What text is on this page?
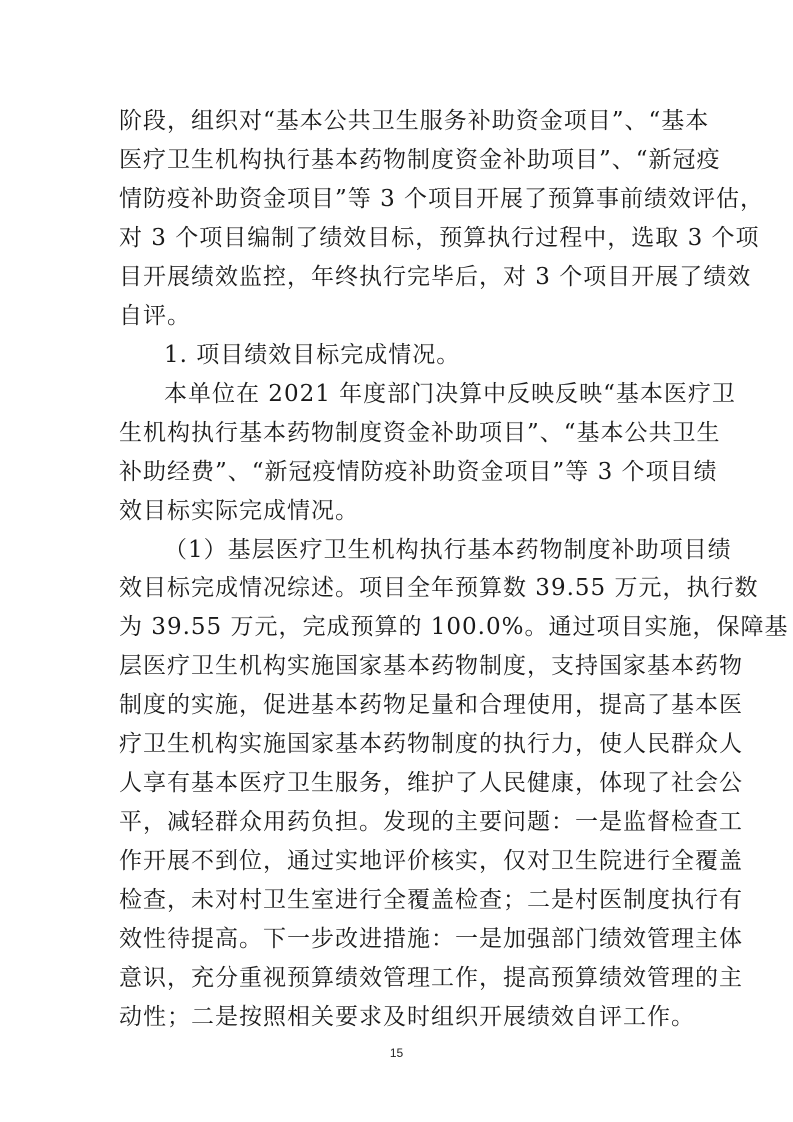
阶段，组织对“基本公共卫生服务补助资金项目”、“基本
医疗卫生机构执行基本药物制度资金补助项目”、“新冠疫
情防疫补助资金项目”等 3 个项目开展了预算事前绩效评估，
对 3 个项目编制了绩效目标，预算执行过程中，选取 3 个项
目开展绩效监控，年终执行完毕后，对 3 个项目开展了绩效
自评。
1. 项目绩效目标完成情况。
本单位在 2021 年度部门决算中反映反映“基本医疗卫
生机构执行基本药物制度资金补助项目”、“基本公共卫生
补助经费”、“新冠疫情防疫补助资金项目”等 3 个项目绩
效目标实际完成情况。
（1）基层医疗卫生机构执行基本药物制度补助项目绩
效目标完成情况综述。项目全年预算数 39.55 万元，执行数
为 39.55 万元，完成预算的 100.0%。通过项目实施，保障基
层医疗卫生机构实施国家基本药物制度，支持国家基本药物
制度的实施，促进基本药物足量和合理使用，提高了基本医
疗卫生机构实施国家基本药物制度的执行力，使人民群众人
人享有基本医疗卫生服务，维护了人民健康，体现了社会公
平，减轻群众用药负担。发现的主要问题：一是监督检查工
作开展不到位，通过实地评价核实，仅对卫生院进行全覆盖
检查，未对村卫生室进行全覆盖检查；二是村医制度执行有
效性待提高。下一步改进措施：一是加强部门绩效管理主体
意识，充分重视预算绩效管理工作，提高预算绩效管理的主
动性；二是按照相关要求及时组织开展绩效自评工作。
15
